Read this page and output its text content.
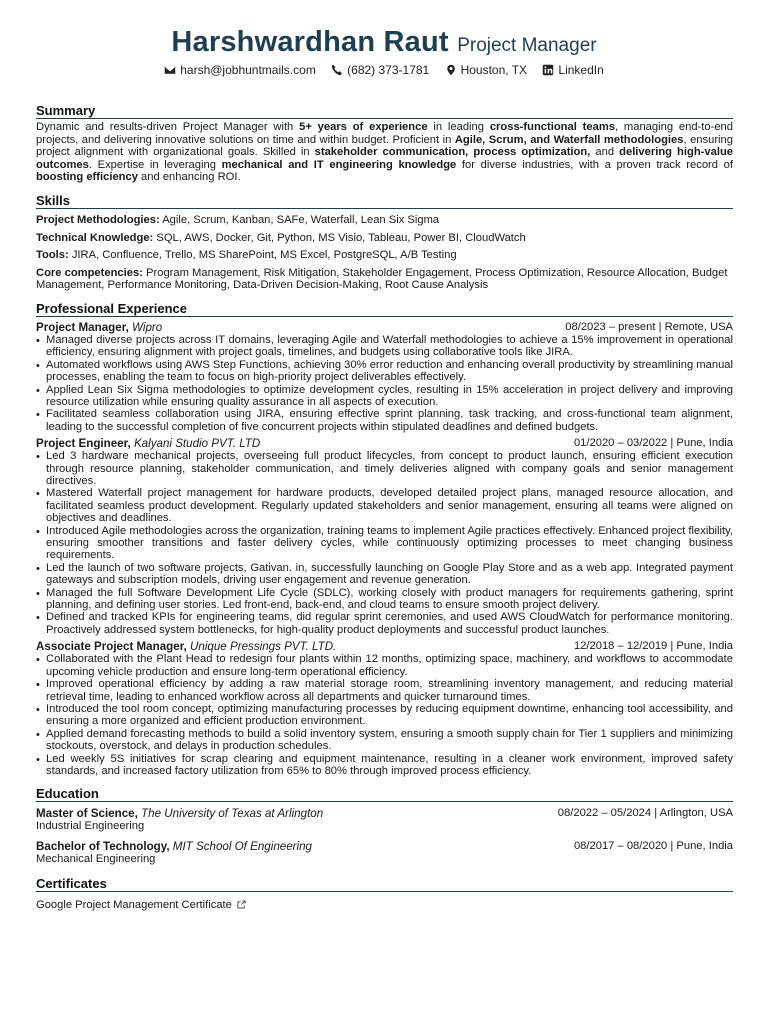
Harshwardhan Raut Project Manager
harsh@jobhuntmails.com
	(682) 373-1781
	Houston, TX
	LinkedIn
Summary
Dynamic and results-driven Project Manager with 5+ years of experience in leading cross-functional teams, managing end-to-end projects, and delivering innovative solutions on time and within budget. Proficient in Agile, Scrum, and Waterfall methodologies, ensuring project alignment with organizational goals. Skilled in stakeholder communication, process optimization, and delivering high-value outcomes. Expertise in leveraging mechanical and IT engineering knowledge for diverse industries, with a proven track record of boosting efficiency and enhancing ROI.
Skills
Project Methodologies: Agile, Scrum, Kanban, SAFe, Waterfall, Lean Six Sigma
Technical Knowledge: SQL, AWS, Docker, Git, Python, MS Visio, Tableau, Power BI, CloudWatch
Tools: JIRA, Confluence, Trello, MS SharePoint, MS Excel, PostgreSQL, A/B Testing
Core competencies: Program Management, Risk Mitigation, Stakeholder Engagement, Process Optimization, Resource Allocation, Budget Management, Performance Monitoring, Data-Driven Decision-Making, Root Cause Analysis
Professional Experience
Project Manager, Wipro	08/2023 – present | Remote, USA
• Managed diverse projects across IT domains, leveraging Agile and Waterfall methodologies to achieve a 15% improvement in operational efficiency, ensuring alignment with project goals, timelines, and budgets using collaborative tools like JIRA.
• Automated workflows using AWS Step Functions, achieving 30% error reduction and enhancing overall productivity by streamlining manual processes, enabling the team to focus on high-priority project deliverables effectively.
• Applied Lean Six Sigma methodologies to optimize development cycles, resulting in 15% acceleration in project delivery and improving resource utilization while ensuring quality assurance in all aspects of execution.
• Facilitated seamless collaboration using JIRA, ensuring effective sprint planning, task tracking, and cross-functional team alignment, leading to the successful completion of five concurrent projects within stipulated deadlines and defined budgets.
Project Engineer, Kalyani Studio PVT. LTD	01/2020 – 03/2022 | Pune, India
• Led 3 hardware mechanical projects, overseeing full product lifecycles, from concept to product launch, ensuring efficient execution through resource planning, stakeholder communication, and timely deliveries aligned with company goals and senior management directives.
• Mastered Waterfall project management for hardware products, developed detailed project plans, managed resource allocation, and facilitated seamless product development. Regularly updated stakeholders and senior management, ensuring all teams were aligned on objectives and deadlines.
• Introduced Agile methodologies across the organization, training teams to implement Agile practices effectively. Enhanced project flexibility, ensuring smoother transitions and faster delivery cycles, while continuously optimizing processes to meet changing business requirements.
• Led the launch of two software projects, Gativan. in, successfully launching on Google Play Store and as a web app. Integrated payment gateways and subscription models, driving user engagement and revenue generation.
• Managed the full Software Development Life Cycle (SDLC), working closely with product managers for requirements gathering, sprint planning, and defining user stories. Led front-end, back-end, and cloud teams to ensure smooth project delivery.
• Defined and tracked KPIs for engineering teams, did regular sprint ceremonies, and used AWS CloudWatch for performance monitoring. Proactively addressed system bottlenecks, for high-quality product deployments and successful product launches.
Associate Project Manager, Unique Pressings PVT. LTD.	12/2018 – 12/2019 | Pune, India
• Collaborated with the Plant Head to redesign four plants within 12 months, optimizing space, machinery, and workflows to accommodate upcoming vehicle production and ensure long-term operational efficiency.
• Improved operational efficiency by adding a raw material storage room, streamlining inventory management, and reducing material retrieval time, leading to enhanced workflow across all departments and quicker turnaround times.
• Introduced the tool room concept, optimizing manufacturing processes by reducing equipment downtime, enhancing tool accessibility, and ensuring a more organized and efficient production environment.
• Applied demand forecasting methods to build a solid inventory system, ensuring a smooth supply chain for Tier 1 suppliers and minimizing stockouts, overstock, and delays in production schedules.
• Led weekly 5S initiatives for scrap clearing and equipment maintenance, resulting in a cleaner work environment, improved safety standards, and increased factory utilization from 65% to 80% through improved process efficiency.
Education
Master of Science, The University of Texas at Arlington	08/2022 – 05/2024 | Arlington, USA
Industrial Engineering
Bachelor of Technology, MIT School Of Engineering	08/2017 – 08/2020 | Pune, India
Mechanical Engineering
Certificates
Google Project Management Certificate
